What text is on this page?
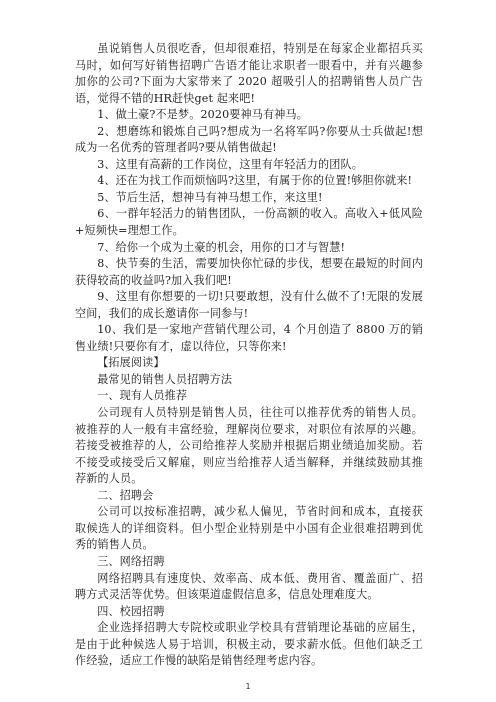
虽说销售人员很吃香，但却很难招，特别是在每家企业都招兵买马时，如何写好销售招聘广告语才能让求职者一眼看中，并有兴趣参加你的公司?下面为大家带来了 2020 超吸引人的招聘销售人员广告语，觉得不错的HR赶快get 起来吧!

1、做土豪?不是梦。2020要神马有神马。

2、想磨练和锻炼自己吗?想成为一名将军吗?你要从士兵做起!想成为一名优秀的管理者吗?要从销售做起!

3、这里有高薪的工作岗位，这里有年轻活力的团队。

4、还在为找工作而烦恼吗?这里，有属于你的位置!够胆你就来!

5、节后生活，想神马有神马想工作，来这里!

6、一群年轻活力的销售团队，一份高额的收入。高收入+低风险+短频快=理想工作。

7、给你一个成为土豪的机会，用你的口才与智慧!

8、快节奏的生活，需要加快你忙碌的步伐，想要在最短的时间内获得较高的收益吗?加入我们吧!

9、这里有你想要的一切!只要敢想，没有什么做不了!无限的发展空间，我们的成长邀请你一同参与!

10、我们是一家地产营销代理公司，4 个月创造了 8800 万的销售业绩!只要你有才，虚以待位，只等你来!

【拓展阅读】

最常见的销售人员招聘方法

一、现有人员推荐

公司现有人员特别是销售人员，往往可以推荐优秀的销售人员。被推荐的人一般有丰富经验，理解岗位要求，对职位有浓厚的兴趣。若接受被推荐的人，公司给推荐人奖励并根据后期业绩追加奖励。若不接受或接受后又解雇，则应当给推荐人适当解释，并继续鼓励其推荐新的人员。

二、招聘会

公司可以按标准招聘，减少私人偏见，节省时间和成本，直接获取候选人的详细资料。但小型企业特别是中小国有企业很难招聘到优秀的销售人员。

三、网络招聘

网络招聘具有速度快、效率高、成本低、费用省、覆盖面广、招聘方式灵活等优势。但该渠道虚假信息多，信息处理难度大。

四、校园招聘

企业选择招聘大专院校或职业学校具有营销理论基础的应届生，是由于此种候选人易于培训，积极主动，要求薪水低。但他们缺乏工作经验，适应工作慢的缺陷是销售经理考虑内容。

1
